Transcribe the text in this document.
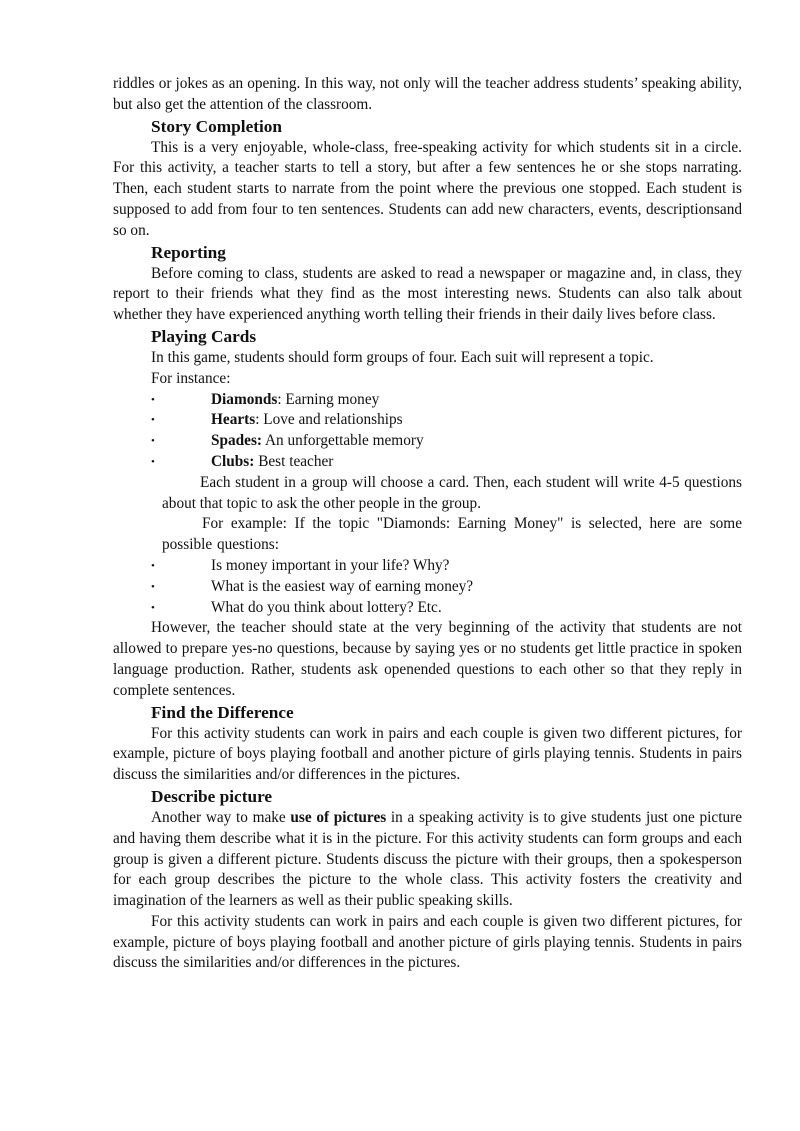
riddles or jokes as an opening. In this way, not only will the teacher address students’ speaking ability, but also get the attention of the classroom.

Story Completion

This is a very enjoyable, whole-class, free-speaking activity for which students sit in a circle. For this activity, a teacher starts to tell a story, but after a few sentences he or she stops narrating. Then, each student starts to narrate from the point where the previous one stopped. Each student is supposed to add from four to ten sentences. Students can add new characters, events, descriptionsand so on.

Reporting

Before coming to class, students are asked to read a newspaper or magazine and, in class, they report to their friends what they find as the most interesting news. Students can also talk about whether they have experienced anything worth telling their friends in their daily lives before class.

Playing Cards

In this game, students should form groups of four. Each suit will represent a topic.

For instance:

•	Diamonds: Earning money
•	Hearts: Love and relationships
•	Spades: An unforgettable memory
•	Clubs: Best teacher

Each student in a group will choose a card. Then, each student will write 4-5 questions about that topic to ask the other people in the group.

For example: If the topic "Diamonds: Earning Money" is selected, here are some possible questions:

•	Is money important in your life? Why?
•	What is the easiest way of earning money?
•	What do you think about lottery? Etc.

However, the teacher should state at the very beginning of the activity that students are not allowed to prepare yes-no questions, because by saying yes or no students get little practice in spoken language production. Rather, students ask openended questions to each other so that they reply in complete sentences.

Find the Difference

For this activity students can work in pairs and each couple is given two different pictures, for example, picture of boys playing football and another picture of girls playing tennis. Students in pairs discuss the similarities and/or differences in the pictures.

Describe picture

Another way to make use of pictures in a speaking activity is to give students just one picture and having them describe what it is in the picture. For this activity students can form groups and each group is given a different picture. Students discuss the picture with their groups, then a spokesperson for each group describes the picture to the whole class. This activity fosters the creativity and imagination of the learners as well as their public speaking skills.

For this activity students can work in pairs and each couple is given two different pictures, for example, picture of boys playing football and another picture of girls playing tennis. Students in pairs discuss the similarities and/or differences in the pictures.
